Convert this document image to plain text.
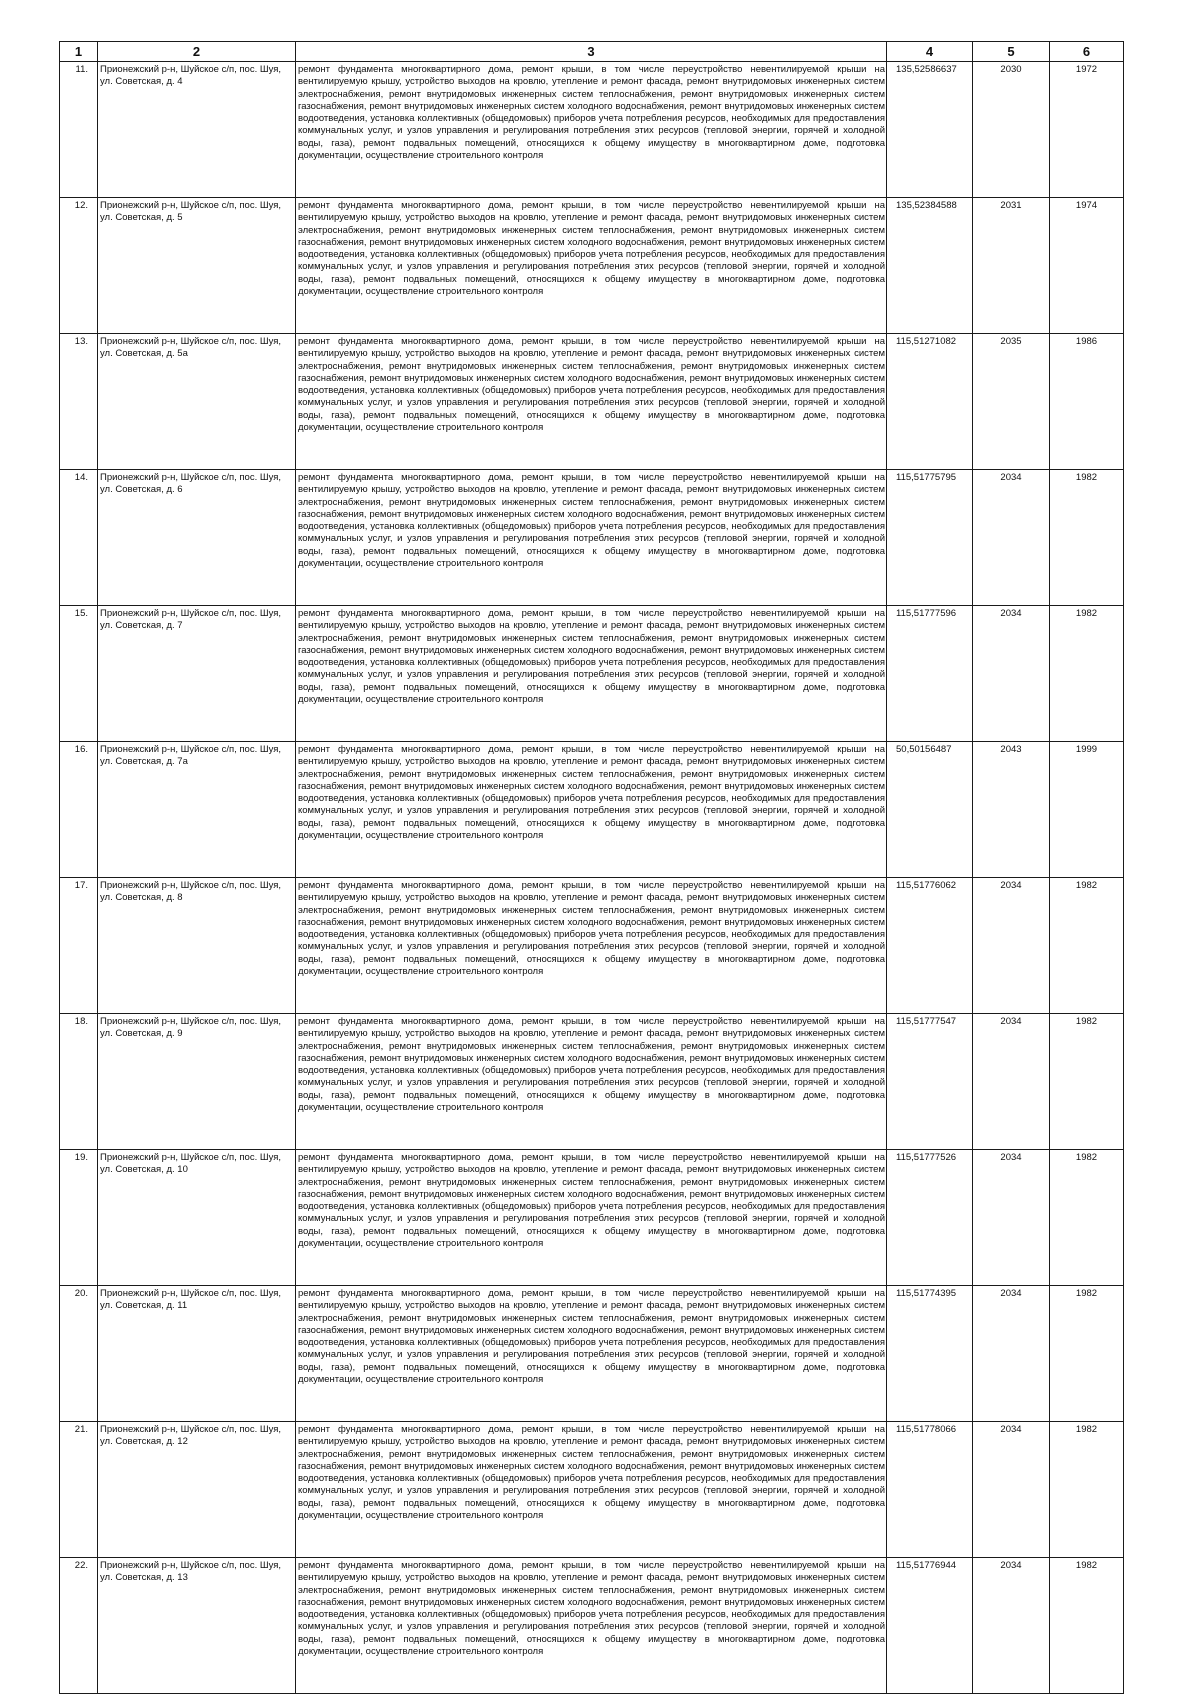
1	2	3	4	5	6
11.	Прионежский р-н, Шуйское с/п, пос. Шуя, ул. Советская, д. 4	ремонт фундамента многоквартирного дома, ремонт крыши, в том числе переустройство невентилируемой крыши на вентилируемую крышу, устройство выходов на кровлю, утепление и ремонт фасада, ремонт внутридомовых инженерных систем электроснабжения, ремонт внутридомовых инженерных систем теплоснабжения, ремонт внутридомовых инженерных систем газоснабжения, ремонт внутридомовых инженерных систем холодного водоснабжения, ремонт внутридомовых инженерных систем водоотведения, установка коллективных (общедомовых) приборов учета потребления ресурсов, необходимых для предоставления коммунальных услуг, и узлов управления и регулирования потребления этих ресурсов (тепловой энергии, горячей и холодной воды, газа), ремонт подвальных помещений, относящихся к общему имуществу в многоквартирном доме, подготовка документации, осуществление строительного контроля	135,52586637	2030	1972
12.	Прионежский р-н, Шуйское с/п, пос. Шуя, ул. Советская, д. 5	ремонт фундамента многоквартирного дома, ремонт крыши, в том числе переустройство невентилируемой крыши на вентилируемую крышу, устройство выходов на кровлю, утепление и ремонт фасада, ремонт внутридомовых инженерных систем электроснабжения, ремонт внутридомовых инженерных систем теплоснабжения, ремонт внутридомовых инженерных систем газоснабжения, ремонт внутридомовых инженерных систем холодного водоснабжения, ремонт внутридомовых инженерных систем водоотведения, установка коллективных (общедомовых) приборов учета потребления ресурсов, необходимых для предоставления коммунальных услуг, и узлов управления и регулирования потребления этих ресурсов (тепловой энергии, горячей и холодной воды, газа), ремонт подвальных помещений, относящихся к общему имуществу в многоквартирном доме, подготовка документации, осуществление строительного контроля	135,52384588	2031	1974
13.	Прионежский р-н, Шуйское с/п, пос. Шуя, ул. Советская, д. 5а	ремонт фундамента многоквартирного дома, ремонт крыши, в том числе переустройство невентилируемой крыши на вентилируемую крышу, устройство выходов на кровлю, утепление и ремонт фасада, ремонт внутридомовых инженерных систем электроснабжения, ремонт внутридомовых инженерных систем теплоснабжения, ремонт внутридомовых инженерных систем газоснабжения, ремонт внутридомовых инженерных систем холодного водоснабжения, ремонт внутридомовых инженерных систем водоотведения, установка коллективных (общедомовых) приборов учета потребления ресурсов, необходимых для предоставления коммунальных услуг, и узлов управления и регулирования потребления этих ресурсов (тепловой энергии, горячей и холодной воды, газа), ремонт подвальных помещений, относящихся к общему имуществу в многоквартирном доме, подготовка документации, осуществление строительного контроля	115,51271082	2035	1986
14.	Прионежский р-н, Шуйское с/п, пос. Шуя, ул. Советская, д. 6	ремонт фундамента многоквартирного дома, ремонт крыши, в том числе переустройство невентилируемой крыши на вентилируемую крышу, устройство выходов на кровлю, утепление и ремонт фасада, ремонт внутридомовых инженерных систем электроснабжения, ремонт внутридомовых инженерных систем теплоснабжения, ремонт внутридомовых инженерных систем газоснабжения, ремонт внутридомовых инженерных систем холодного водоснабжения, ремонт внутридомовых инженерных систем водоотведения, установка коллективных (общедомовых) приборов учета потребления ресурсов, необходимых для предоставления коммунальных услуг, и узлов управления и регулирования потребления этих ресурсов (тепловой энергии, горячей и холодной воды, газа), ремонт подвальных помещений, относящихся к общему имуществу в многоквартирном доме, подготовка документации, осуществление строительного контроля	115,51775795	2034	1982
15.	Прионежский р-н, Шуйское с/п, пос. Шуя, ул. Советская, д. 7	ремонт фундамента многоквартирного дома, ремонт крыши, в том числе переустройство невентилируемой крыши на вентилируемую крышу, устройство выходов на кровлю, утепление и ремонт фасада, ремонт внутридомовых инженерных систем электроснабжения, ремонт внутридомовых инженерных систем теплоснабжения, ремонт внутридомовых инженерных систем газоснабжения, ремонт внутридомовых инженерных систем холодного водоснабжения, ремонт внутридомовых инженерных систем водоотведения, установка коллективных (общедомовых) приборов учета потребления ресурсов, необходимых для предоставления коммунальных услуг, и узлов управления и регулирования потребления этих ресурсов (тепловой энергии, горячей и холодной воды, газа), ремонт подвальных помещений, относящихся к общему имуществу в многоквартирном доме, подготовка документации, осуществление строительного контроля	115,51777596	2034	1982
16.	Прионежский р-н, Шуйское с/п, пос. Шуя, ул. Советская, д. 7а	ремонт фундамента многоквартирного дома, ремонт крыши, в том числе переустройство невентилируемой крыши на вентилируемую крышу, устройство выходов на кровлю, утепление и ремонт фасада, ремонт внутридомовых инженерных систем электроснабжения, ремонт внутридомовых инженерных систем теплоснабжения, ремонт внутридомовых инженерных систем газоснабжения, ремонт внутридомовых инженерных систем холодного водоснабжения, ремонт внутридомовых инженерных систем водоотведения, установка коллективных (общедомовых) приборов учета потребления ресурсов, необходимых для предоставления коммунальных услуг, и узлов управления и регулирования потребления этих ресурсов (тепловой энергии, горячей и холодной воды, газа), ремонт подвальных помещений, относящихся к общему имуществу в многоквартирном доме, подготовка документации, осуществление строительного контроля	50,50156487	2043	1999
17.	Прионежский р-н, Шуйское с/п, пос. Шуя, ул. Советская, д. 8	ремонт фундамента многоквартирного дома, ремонт крыши, в том числе переустройство невентилируемой крыши на вентилируемую крышу, устройство выходов на кровлю, утепление и ремонт фасада, ремонт внутридомовых инженерных систем электроснабжения, ремонт внутридомовых инженерных систем теплоснабжения, ремонт внутридомовых инженерных систем газоснабжения, ремонт внутридомовых инженерных систем холодного водоснабжения, ремонт внутридомовых инженерных систем водоотведения, установка коллективных (общедомовых) приборов учета потребления ресурсов, необходимых для предоставления коммунальных услуг, и узлов управления и регулирования потребления этих ресурсов (тепловой энергии, горячей и холодной воды, газа), ремонт подвальных помещений, относящихся к общему имуществу в многоквартирном доме, подготовка документации, осуществление строительного контроля	115,51776062	2034	1982
18.	Прионежский р-н, Шуйское с/п, пос. Шуя, ул. Советская, д. 9	ремонт фундамента многоквартирного дома, ремонт крыши, в том числе переустройство невентилируемой крыши на вентилируемую крышу, устройство выходов на кровлю, утепление и ремонт фасада, ремонт внутридомовых инженерных систем электроснабжения, ремонт внутридомовых инженерных систем теплоснабжения, ремонт внутридомовых инженерных систем газоснабжения, ремонт внутридомовых инженерных систем холодного водоснабжения, ремонт внутридомовых инженерных систем водоотведения, установка коллективных (общедомовых) приборов учета потребления ресурсов, необходимых для предоставления коммунальных услуг, и узлов управления и регулирования потребления этих ресурсов (тепловой энергии, горячей и холодной воды, газа), ремонт подвальных помещений, относящихся к общему имуществу в многоквартирном доме, подготовка документации, осуществление строительного контроля	115,51777547	2034	1982
19.	Прионежский р-н, Шуйское с/п, пос. Шуя, ул. Советская, д. 10	ремонт фундамента многоквартирного дома, ремонт крыши, в том числе переустройство невентилируемой крыши на вентилируемую крышу, устройство выходов на кровлю, утепление и ремонт фасада, ремонт внутридомовых инженерных систем электроснабжения, ремонт внутридомовых инженерных систем теплоснабжения, ремонт внутридомовых инженерных систем газоснабжения, ремонт внутридомовых инженерных систем холодного водоснабжения, ремонт внутридомовых инженерных систем водоотведения, установка коллективных (общедомовых) приборов учета потребления ресурсов, необходимых для предоставления коммунальных услуг, и узлов управления и регулирования потребления этих ресурсов (тепловой энергии, горячей и холодной воды, газа), ремонт подвальных помещений, относящихся к общему имуществу в многоквартирном доме, подготовка документации, осуществление строительного контроля	115,51777526	2034	1982
20.	Прионежский р-н, Шуйское с/п, пос. Шуя, ул. Советская, д. 11	ремонт фундамента многоквартирного дома, ремонт крыши, в том числе переустройство невентилируемой крыши на вентилируемую крышу, устройство выходов на кровлю, утепление и ремонт фасада, ремонт внутридомовых инженерных систем электроснабжения, ремонт внутридомовых инженерных систем теплоснабжения, ремонт внутридомовых инженерных систем газоснабжения, ремонт внутридомовых инженерных систем холодного водоснабжения, ремонт внутридомовых инженерных систем водоотведения, установка коллективных (общедомовых) приборов учета потребления ресурсов, необходимых для предоставления коммунальных услуг, и узлов управления и регулирования потребления этих ресурсов (тепловой энергии, горячей и холодной воды, газа), ремонт подвальных помещений, относящихся к общему имуществу в многоквартирном доме, подготовка документации, осуществление строительного контроля	115,51774395	2034	1982
21.	Прионежский р-н, Шуйское с/п, пос. Шуя, ул. Советская, д. 12	ремонт фундамента многоквартирного дома, ремонт крыши, в том числе переустройство невентилируемой крыши на вентилируемую крышу, устройство выходов на кровлю, утепление и ремонт фасада, ремонт внутридомовых инженерных систем электроснабжения, ремонт внутридомовых инженерных систем теплоснабжения, ремонт внутридомовых инженерных систем газоснабжения, ремонт внутридомовых инженерных систем холодного водоснабжения, ремонт внутридомовых инженерных систем водоотведения, установка коллективных (общедомовых) приборов учета потребления ресурсов, необходимых для предоставления коммунальных услуг, и узлов управления и регулирования потребления этих ресурсов (тепловой энергии, горячей и холодной воды, газа), ремонт подвальных помещений, относящихся к общему имуществу в многоквартирном доме, подготовка документации, осуществление строительного контроля	115,51778066	2034	1982
22.	Прионежский р-н, Шуйское с/п, пос. Шуя, ул. Советская, д. 13	ремонт фундамента многоквартирного дома, ремонт крыши, в том числе переустройство невентилируемой крыши на вентилируемую крышу, устройство выходов на кровлю, утепление и ремонт фасада, ремонт внутридомовых инженерных систем электроснабжения, ремонт внутридомовых инженерных систем теплоснабжения, ремонт внутридомовых инженерных систем газоснабжения, ремонт внутридомовых инженерных систем холодного водоснабжения, ремонт внутридомовых инженерных систем водоотведения, установка коллективных (общедомовых) приборов учета потребления ресурсов, необходимых для предоставления коммунальных услуг, и узлов управления и регулирования потребления этих ресурсов (тепловой энергии, горячей и холодной воды, газа), ремонт подвальных помещений, относящихся к общему имуществу в многоквартирном доме, подготовка документации, осуществление строительного контроля	115,51776944	2034	1982
